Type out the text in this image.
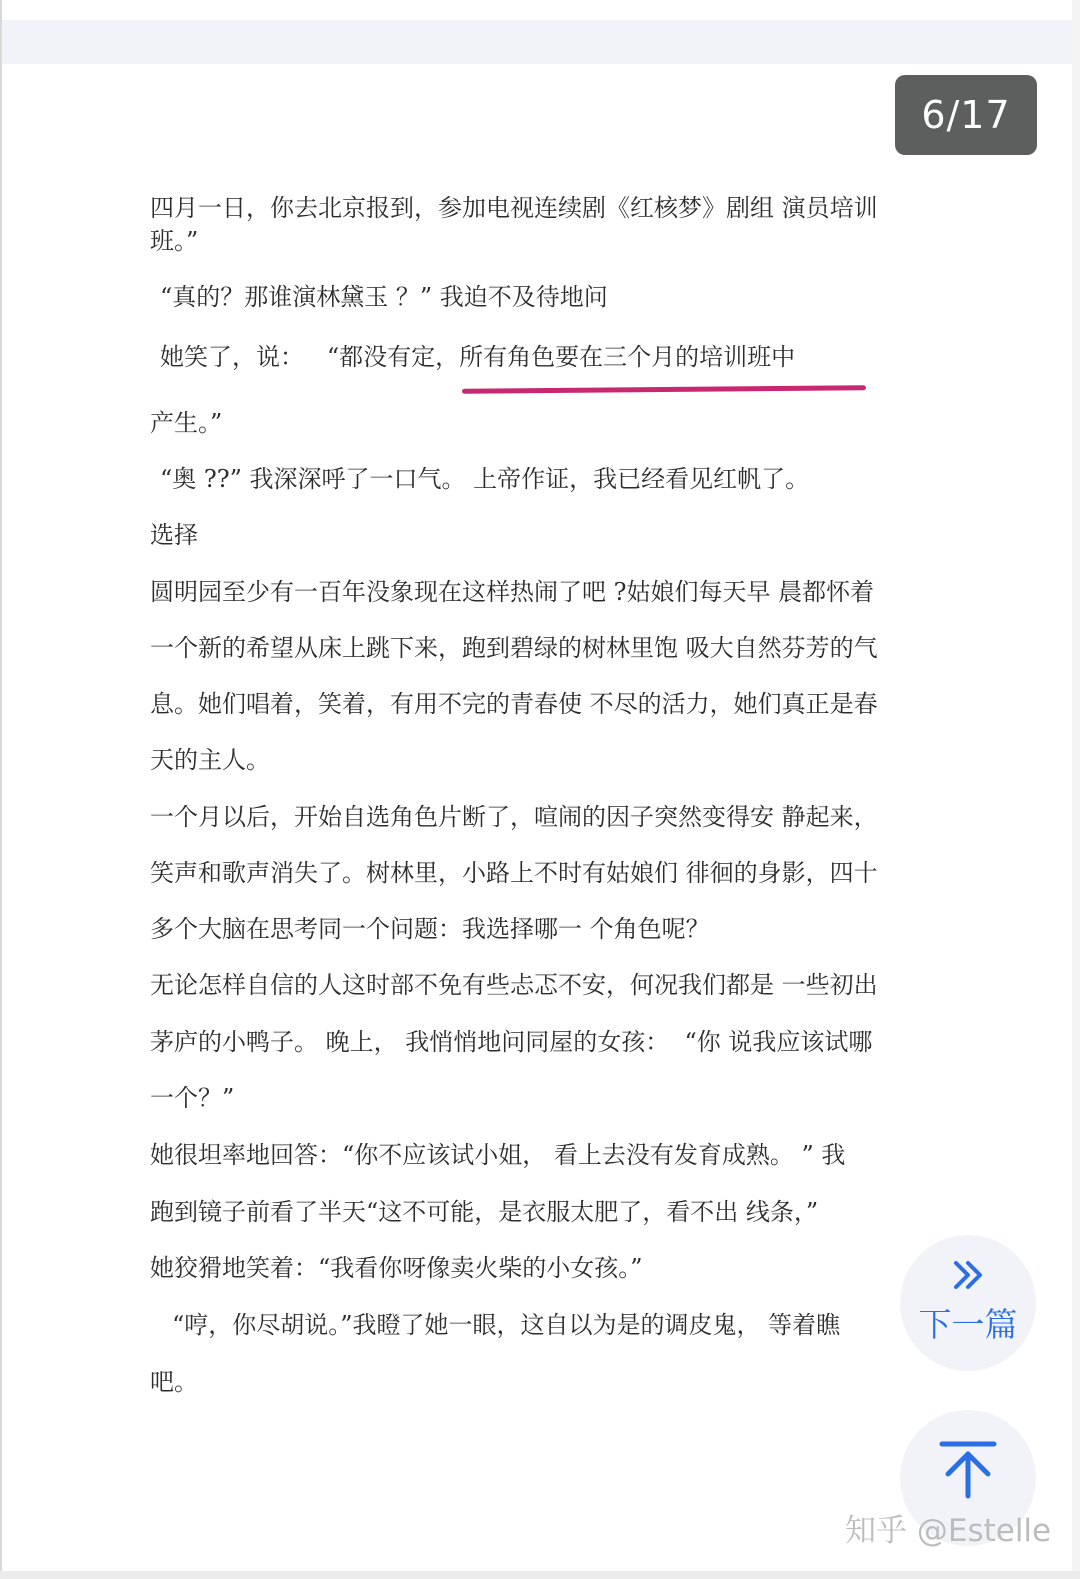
6/17
四月一日，你去北京报到，参加电视连续剧《红核梦》剧组 演员培训
班。”
“真的？那谁演林黛玉 ？” 我迫不及待地问
她笑了，说：   “都没有定，所有角色要在三个月的培训班中
产生。”
“奥 ??” 我深深呼了一口气。 上帝作证，我已经看见红帆了。
选择
圆明园至少有一百年没象现在这样热闹了吧 ?姑娘们每天早 晨都怀着
一个新的希望从床上跳下来，跑到碧绿的树林里饱 吸大自然芬芳的气
息。她们唱着，笑着，有用不完的青春使 不尽的活力，她们真正是春
天的主人。
一个月以后，开始自选角色片断了，喧闹的因子突然变得安 静起来，
笑声和歌声消失了。树林里，小路上不时有姑娘们 徘徊的身影，四十
多个大脑在思考同一个问题：我选择哪一 个角色呢？
无论怎样自信的人这时部不免有些忐忑不安，何况我们都是 一些初出
茅庐的小鸭子。 晚上， 我悄悄地问同屋的女孩：  “你 说我应该试哪
一个？”
她很坦率地回答：“你不应该试小姐， 看上去没有发育成熟。 ” 我
跑到镜子前看了半天“这不可能，是衣服太肥了，看不出 线条，”
她狡猾地笑着：“我看你呀像卖火柴的小女孩。”
“哼，你尽胡说。”我瞪了她一眼，这自以为是的调皮鬼， 等着瞧
吧。
下一篇
知乎 @Estelle
